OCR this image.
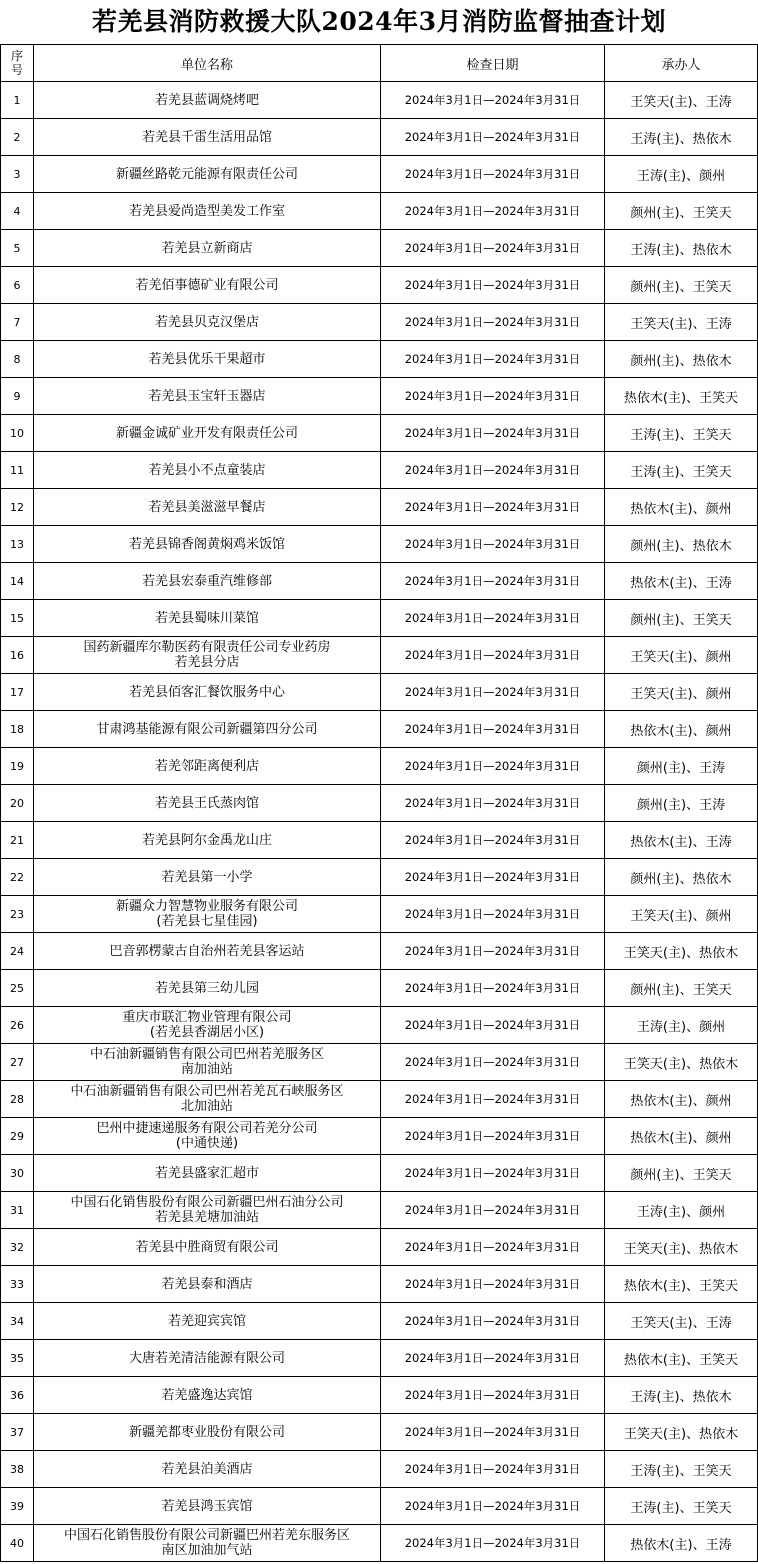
若羌县消防救援大队2024年3月消防监督抽查计划
序
号	单位名称	检查日期	承办人
1	若羌县蓝调烧烤吧	2024年3月1日—2024年3月31日	王笑天(主)、王涛
2	若羌县千雷生活用品馆	2024年3月1日—2024年3月31日	王涛(主)、热依木
3	新疆丝路乾元能源有限责任公司	2024年3月1日—2024年3月31日	王涛(主)、颜州
4	若羌县爱尚造型美发工作室	2024年3月1日—2024年3月31日	颜州(主)、王笑天
5	若羌县立新商店	2024年3月1日—2024年3月31日	王涛(主)、热依木
6	若羌佰事德矿业有限公司	2024年3月1日—2024年3月31日	颜州(主)、王笑天
7	若羌县贝克汉堡店	2024年3月1日—2024年3月31日	王笑天(主)、王涛
8	若羌县优乐干果超市	2024年3月1日—2024年3月31日	颜州(主)、热依木
9	若羌县玉宝轩玉器店	2024年3月1日—2024年3月31日	热依木(主)、王笑天
10	新疆金诚矿业开发有限责任公司	2024年3月1日—2024年3月31日	王涛(主)、王笑天
11	若羌县小不点童装店	2024年3月1日—2024年3月31日	王涛(主)、王笑天
12	若羌县美滋滋早餐店	2024年3月1日—2024年3月31日	热依木(主)、颜州
13	若羌县锦香阁黄焖鸡米饭馆	2024年3月1日—2024年3月31日	颜州(主)、热依木
14	若羌县宏泰重汽维修部	2024年3月1日—2024年3月31日	热依木(主)、王涛
15	若羌县蜀味川菜馆	2024年3月1日—2024年3月31日	颜州(主)、王笑天
16	国药新疆库尔勒医药有限责任公司专业药房
若羌县分店	2024年3月1日—2024年3月31日	王笑天(主)、颜州
17	若羌县佰客汇餐饮服务中心	2024年3月1日—2024年3月31日	王笑天(主)、颜州
18	甘肃鸿基能源有限公司新疆第四分公司	2024年3月1日—2024年3月31日	热依木(主)、颜州
19	若羌邻距离便利店	2024年3月1日—2024年3月31日	颜州(主)、王涛
20	若羌县王氏蒸肉馆	2024年3月1日—2024年3月31日	颜州(主)、王涛
21	若羌县阿尔金禹龙山庄	2024年3月1日—2024年3月31日	热依木(主)、王涛
22	若羌县第一小学	2024年3月1日—2024年3月31日	颜州(主)、热依木
23	新疆众力智慧物业服务有限公司
(若羌县七星佳园)	2024年3月1日—2024年3月31日	王笑天(主)、颜州
24	巴音郭楞蒙古自治州若羌县客运站	2024年3月1日—2024年3月31日	王笑天(主)、热依木
25	若羌县第三幼儿园	2024年3月1日—2024年3月31日	颜州(主)、王笑天
26	重庆市联汇物业管理有限公司
(若羌县香湖居小区)	2024年3月1日—2024年3月31日	王涛(主)、颜州
27	中石油新疆销售有限公司巴州若羌服务区
南加油站	2024年3月1日—2024年3月31日	王笑天(主)、热依木
28	中石油新疆销售有限公司巴州若羌瓦石峡服务区
北加油站	2024年3月1日—2024年3月31日	热依木(主)、颜州
29	巴州中捷速递服务有限公司若羌分公司
(中通快递)	2024年3月1日—2024年3月31日	热依木(主)、颜州
30	若羌县盛家汇超市	2024年3月1日—2024年3月31日	颜州(主)、王笑天
31	中国石化销售股份有限公司新疆巴州石油分公司
若羌县羌塘加油站	2024年3月1日—2024年3月31日	王涛(主)、颜州
32	若羌县中胜商贸有限公司	2024年3月1日—2024年3月31日	王笑天(主)、热依木
33	若羌县泰和酒店	2024年3月1日—2024年3月31日	热依木(主)、王笑天
34	若羌迎宾宾馆	2024年3月1日—2024年3月31日	王笑天(主)、王涛
35	大唐若羌清洁能源有限公司	2024年3月1日—2024年3月31日	热依木(主)、王笑天
36	若羌盛逸达宾馆	2024年3月1日—2024年3月31日	王涛(主)、热依木
37	新疆羌都枣业股份有限公司	2024年3月1日—2024年3月31日	王笑天(主)、热依木
38	若羌县泊美酒店	2024年3月1日—2024年3月31日	王涛(主)、王笑天
39	若羌县鸿玉宾馆	2024年3月1日—2024年3月31日	王涛(主)、王笑天
40	中国石化销售股份有限公司新疆巴州若羌东服务区
南区加油加气站	2024年3月1日—2024年3月31日	热依木(主)、王涛
